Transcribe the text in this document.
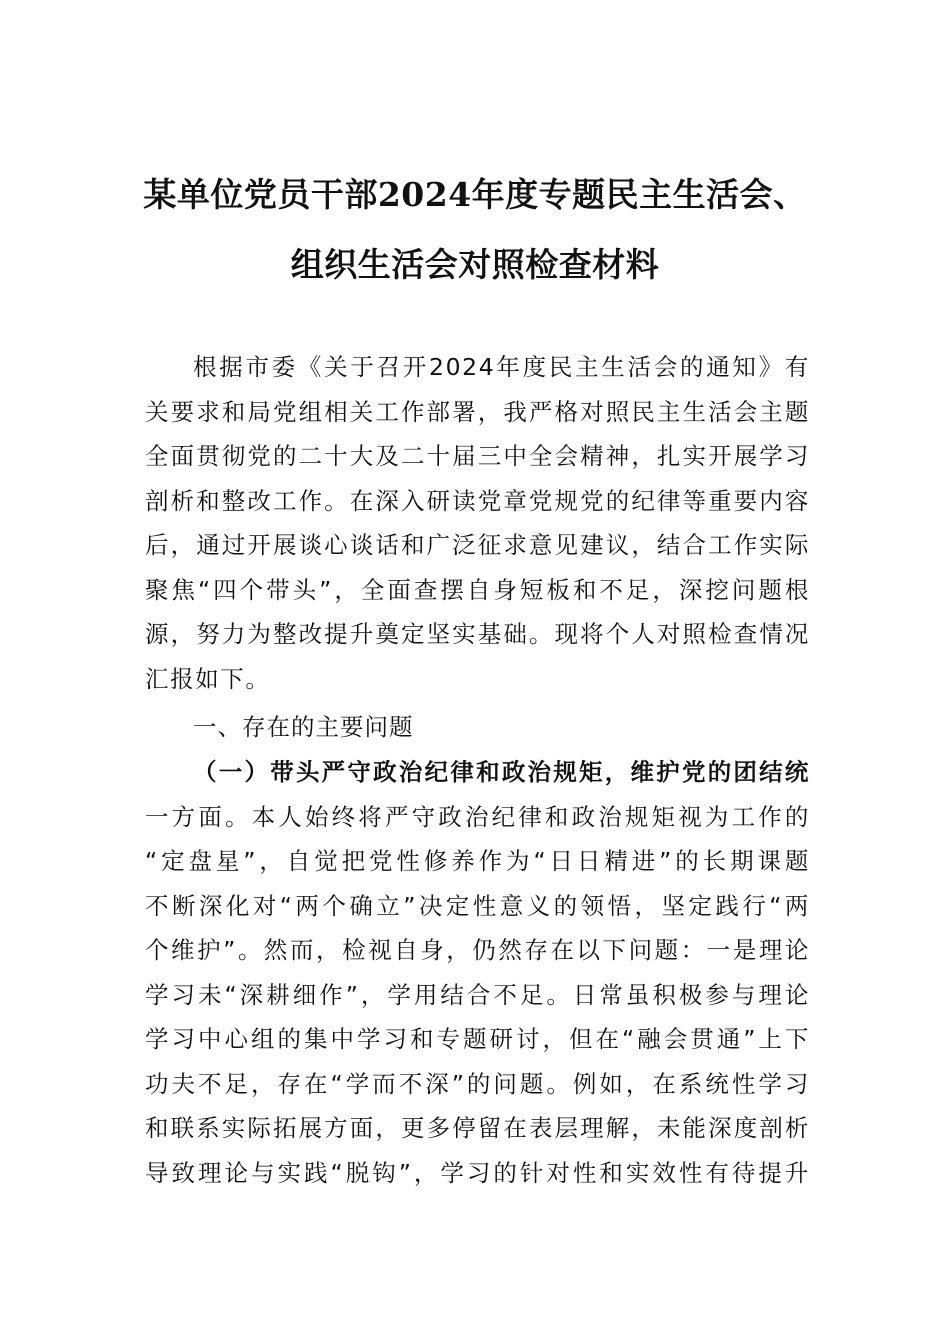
某单位党员干部2024年度专题民主生活会、
组织生活会对照检查材料
根据市委《关于召开2024年度民主生活会的通知》有
关要求和局党组相关工作部署，我严格对照民主生活会主题
全面贯彻党的二十大及二十届三中全会精神，扎实开展学习
剖析和整改工作。在深入研读党章党规党的纪律等重要内容
后，通过开展谈心谈话和广泛征求意见建议，结合工作实际
聚焦“四个带头”，全面查摆自身短板和不足，深挖问题根
源，努力为整改提升奠定坚实基础。现将个人对照检查情况
汇报如下。
一、存在的主要问题
（一）带头严守政治纪律和政治规矩，维护党的团结统
一方面。本人始终将严守政治纪律和政治规矩视为工作的
“定盘星”，自觉把党性修养作为“日日精进”的长期课题
不断深化对“两个确立”决定性意义的领悟，坚定践行“两
个维护”。然而，检视自身，仍然存在以下问题：一是理论
学习未“深耕细作”，学用结合不足。日常虽积极参与理论
学习中心组的集中学习和专题研讨，但在“融会贯通”上下
功夫不足，存在“学而不深”的问题。例如，在系统性学习
和联系实际拓展方面，更多停留在表层理解，未能深度剖析
导致理论与实践“脱钩”，学习的针对性和实效性有待提升
